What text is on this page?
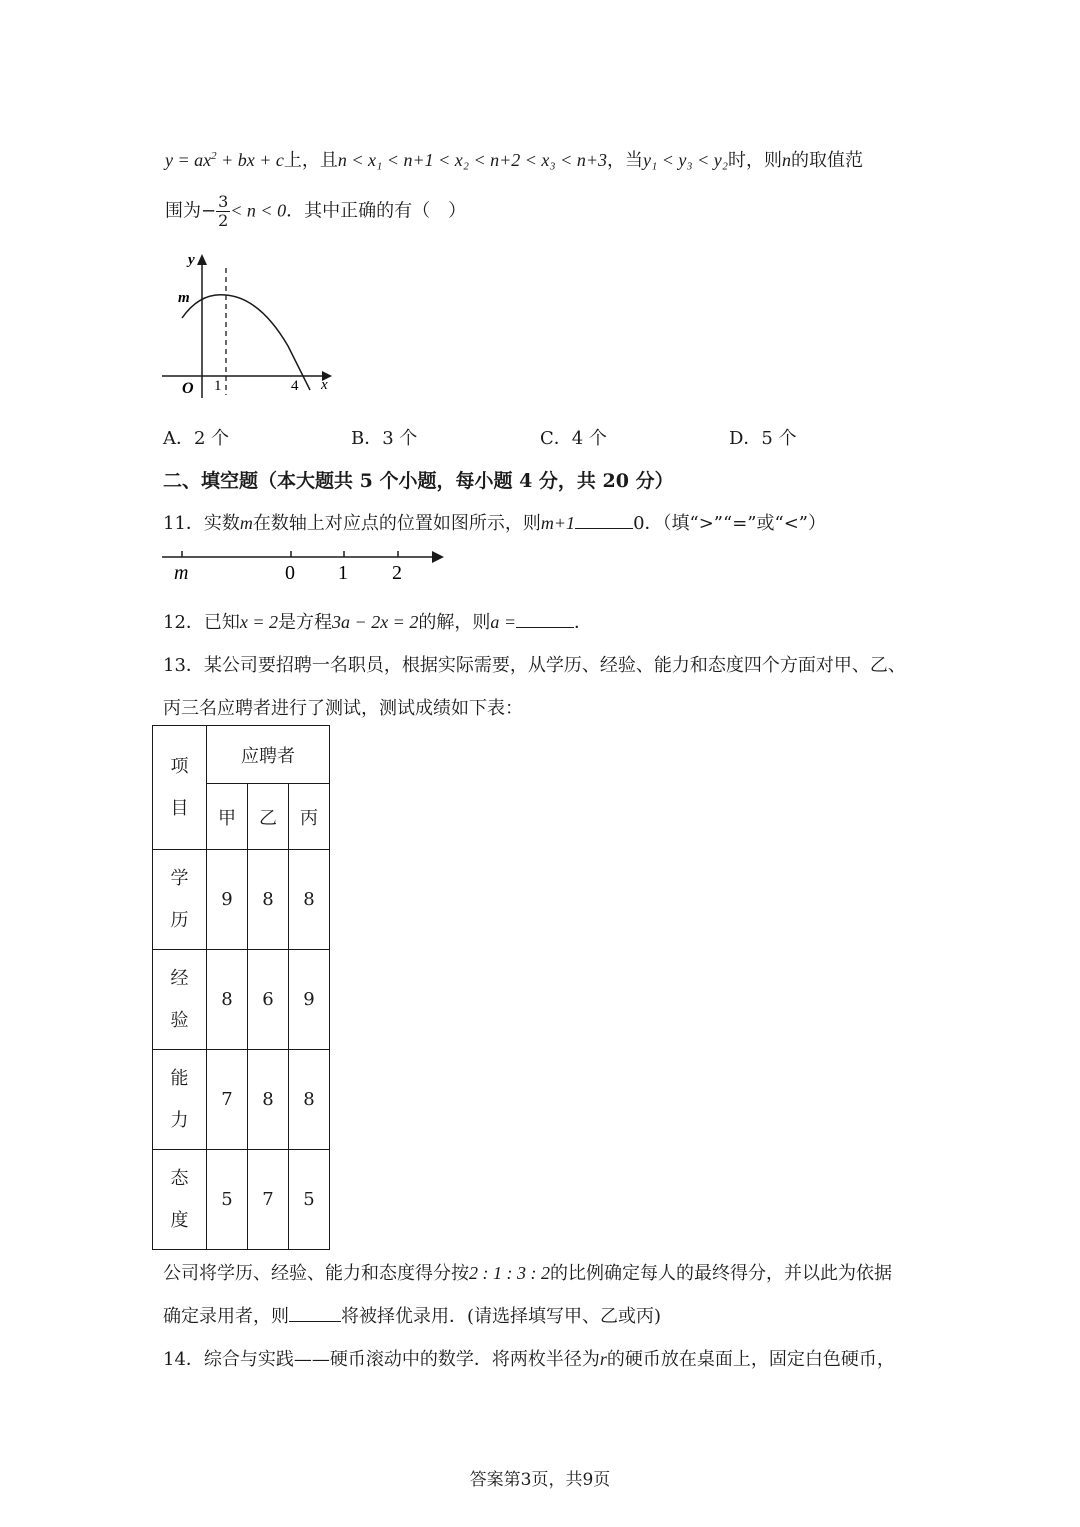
$y = ax^2$ + bx + c上，且n < x₁ < n+1 < x₂ < n+2 < x₃ < n+3，当y₁ < y₃ < y₂时，则n的取值范
围为− $\frac{3}{2} < n < 0$．其中正确的有（　）
y
m
O 1	4 x
A．2 个	B．3 个	C．4 个	D．5 个
二、填空题（本大题共 5 个小题，每小题 4 分，共 20 分）
11．实数m在数轴上对应点的位置如图所示，则m+1	0．（填“>”“=”或“<”）
m	0 1 2
12．已知x = 2是方程3a − 2x = 2的解，则a =	．
13．某公司要招聘一名职员，根据实际需要，从学历、经验、能力和态度四个方面对甲、乙、
丙三名应聘者进行了测试，测试成绩如下表：
项
目	应聘者		
	甲	乙	丙

学
历	9	8	8

经
验	8	6	9

能
力	7	8	8

态
度	5	7	5
公司将学历、经验、能力和态度得分按2 : 1 : 3 : 2的比例确定每人的最终得分，并以此为依据
确定录用者，则	将被择优录用．(请选择填写甲、乙或丙)
14．综合与实践——硬币滚动中的数学．将两枚半径为r的硬币放在桌面上，固定白色硬币，
答案第3页，共9页
